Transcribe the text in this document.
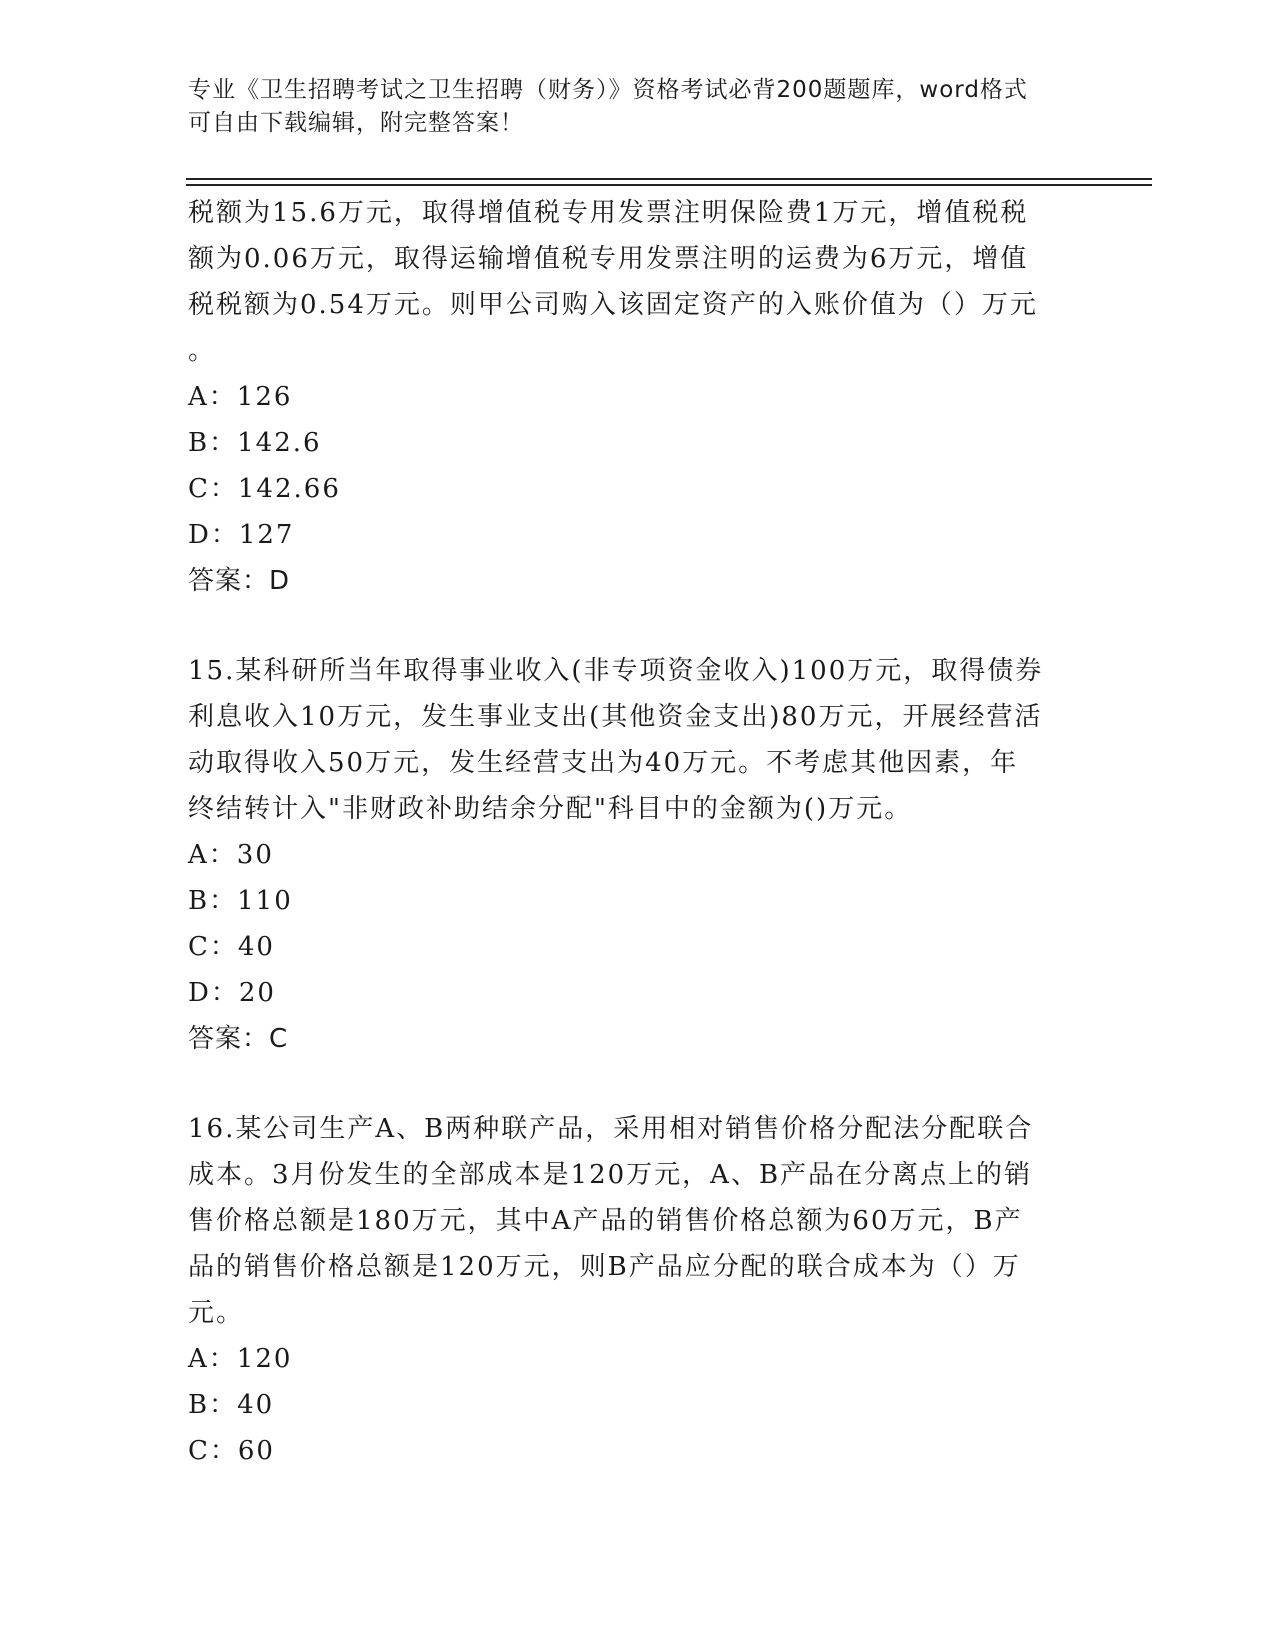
专业《卫生招聘考试之卫生招聘（财务）》资格考试必背200题题库，word格式
可自由下载编辑，附完整答案！
税额为15.6万元，取得增值税专用发票注明保险费1万元，增值税税
额为0.06万元，取得运输增值税专用发票注明的运费为6万元，增值
税税额为0.54万元。则甲公司购入该固定资产的入账价值为（）万元
。
A：126
B：142.6
C：142.66
D：127
答案：D
15.某科研所当年取得事业收入(非专项资金收入)100万元，取得债券
利息收入10万元，发生事业支出(其他资金支出)80万元，开展经营活
动取得收入50万元，发生经营支出为40万元。不考虑其他因素，年
终结转计入"非财政补助结余分配"科目中的金额为()万元。
A：30
B：110
C：40
D：20
答案：C
16.某公司生产A、B两种联产品，采用相对销售价格分配法分配联合
成本。3月份发生的全部成本是120万元，A、B产品在分离点上的销
售价格总额是180万元，其中A产品的销售价格总额为60万元，B产
品的销售价格总额是120万元，则B产品应分配的联合成本为（）万
元。
A：120
B：40
C：60
